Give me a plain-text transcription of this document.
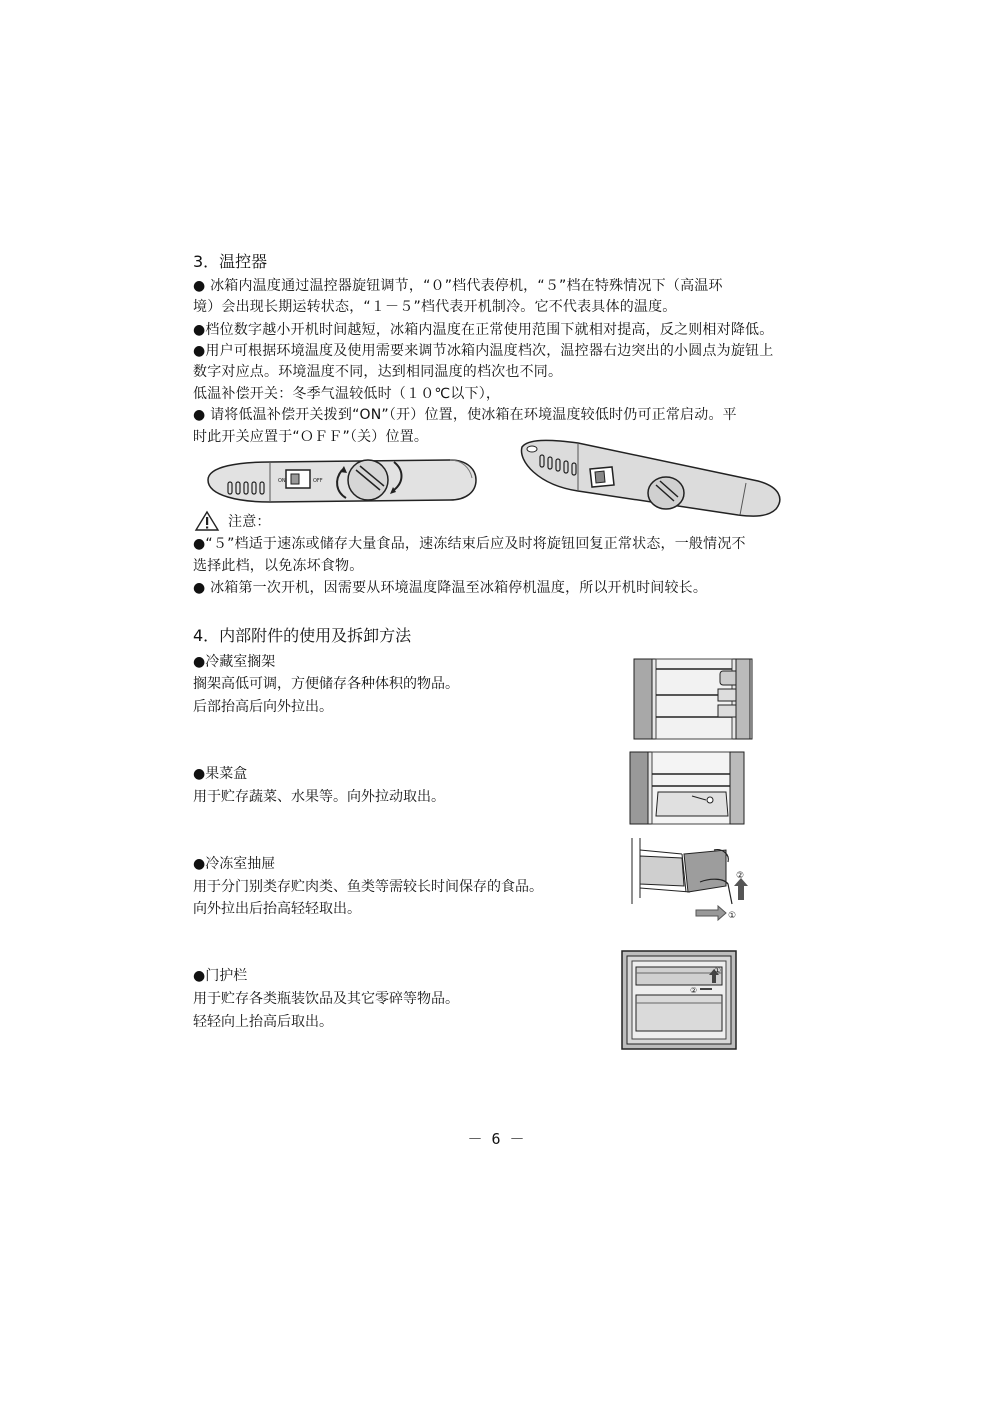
3．温控器
● 冰箱内温度通过温控器旋钮调节，“０”档代表停机，“５”档在特殊情况下（高温环
境）会出现长期运转状态，“１－５”档代表开机制冷。它不代表具体的温度。
●档位数字越小开机时间越短，冰箱内温度在正常使用范围下就相对提高，反之则相对降低。
●用户可根据环境温度及使用需要来调节冰箱内温度档次，温控器右边突出的小圆点为旋钮上
数字对应点。环境温度不同，达到相同温度的档次也不同。
低温补偿开关：冬季气温较低时（１０℃以下），
● 请将低温补偿开关拨到“ON”（开）位置，使冰箱在环境温度较低时仍可正常启动。平
时此开关应置于“ＯＦＦ”（关）位置。
ON	OFF
注意：
●“５”档适于速冻或储存大量食品，速冻结束后应及时将旋钮回复正常状态，一般情况不
选择此档，以免冻坏食物。
● 冰箱第一次开机，因需要从环境温度降温至冰箱停机温度，所以开机时间较长。
4．内部附件的使用及拆卸方法
●冷藏室搁架
搁架高低可调，方便储存各种体积的物品。
后部抬高后向外拉出。
●果菜盒
用于贮存蔬菜、水果等。向外拉动取出。
●冷冻室抽屉
用于分门别类存贮肉类、鱼类等需较长时间保存的食品。
向外拉出后抬高轻轻取出。
●门护栏
用于贮存各类瓶装饮品及其它零碎等物品。
轻轻向上抬高后取出。
①
②
①
②
－ 6 －
